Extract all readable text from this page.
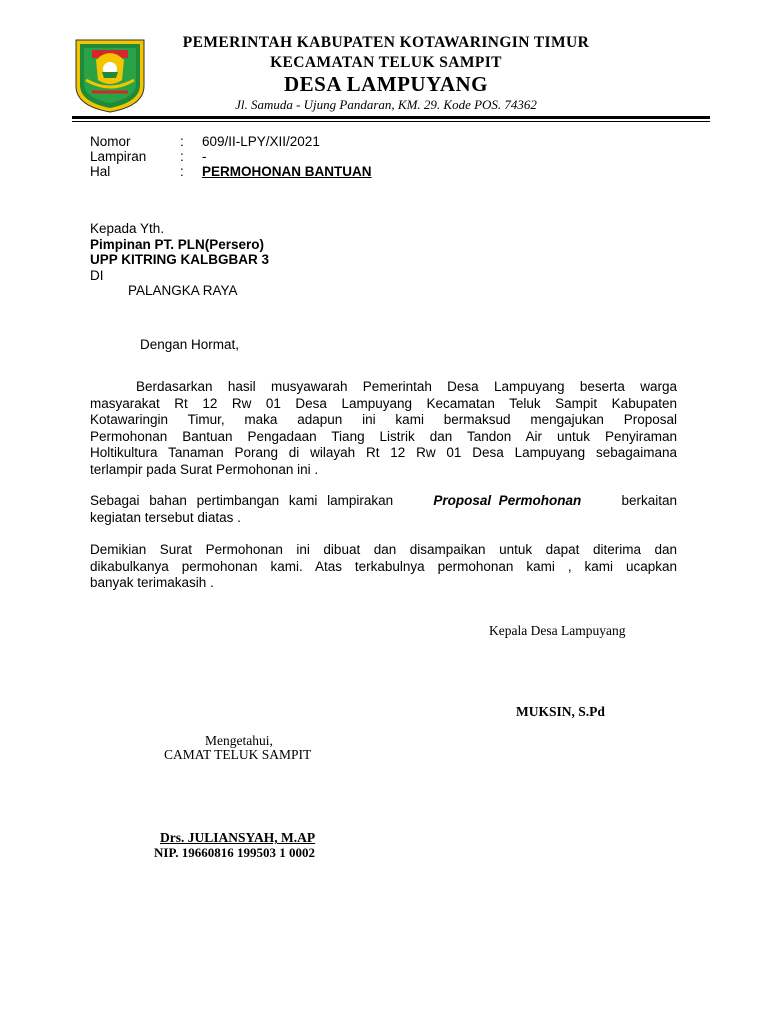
PEMERINTAH KABUPATEN KOTAWARINGIN TIMUR
KECAMATAN TELUK SAMPIT
DESA LAMPUYANG
Jl. Samuda - Ujung Pandaran, KM. 29. Kode POS. 74362
Nomor	: 609/II-LPY/XII/2021
Lampiran : -
Hal	: PERMOHONAN BANTUAN
Kepada Yth.
Pimpinan PT. PLN(Persero)
UPP KITRING KALBGBAR 3
DI
PALANGKA RAYA
Dengan Hormat,
Berdasarkan hasil musyawarah Pemerintah Desa Lampuyang beserta warga
masyarakat Rt 12 Rw 01 Desa Lampuyang Kecamatan Teluk Sampit Kabupaten
Kotawaringin Timur, maka adapun ini kami bermaksud mengajukan Proposal
Permohonan Bantuan Pengadaan Tiang Listrik dan Tandon Air untuk Penyiraman
Holtikultura Tanaman Porang di wilayah Rt 12 Rw 01 Desa Lampuyang sebagaimana
terlampir pada Surat Permohonan ini .
Sebagai bahan pertimbangan kami lampirakan	Proposal  Permohonan	berkaitan
kegiatan tersebut diatas .
Demikian Surat Permohonan ini dibuat dan disampaikan untuk dapat diterima dan
dikabulkanya permohonan kami. Atas terkabulnya permohonan kami , kami ucapkan
banyak terimakasih .
Kepala Desa Lampuyang
MUKSIN, S.Pd
Mengetahui,
CAMAT TELUK SAMPIT
Drs. JULIANSYAH, M.AP
NIP. 19660816 199503 1 0002
